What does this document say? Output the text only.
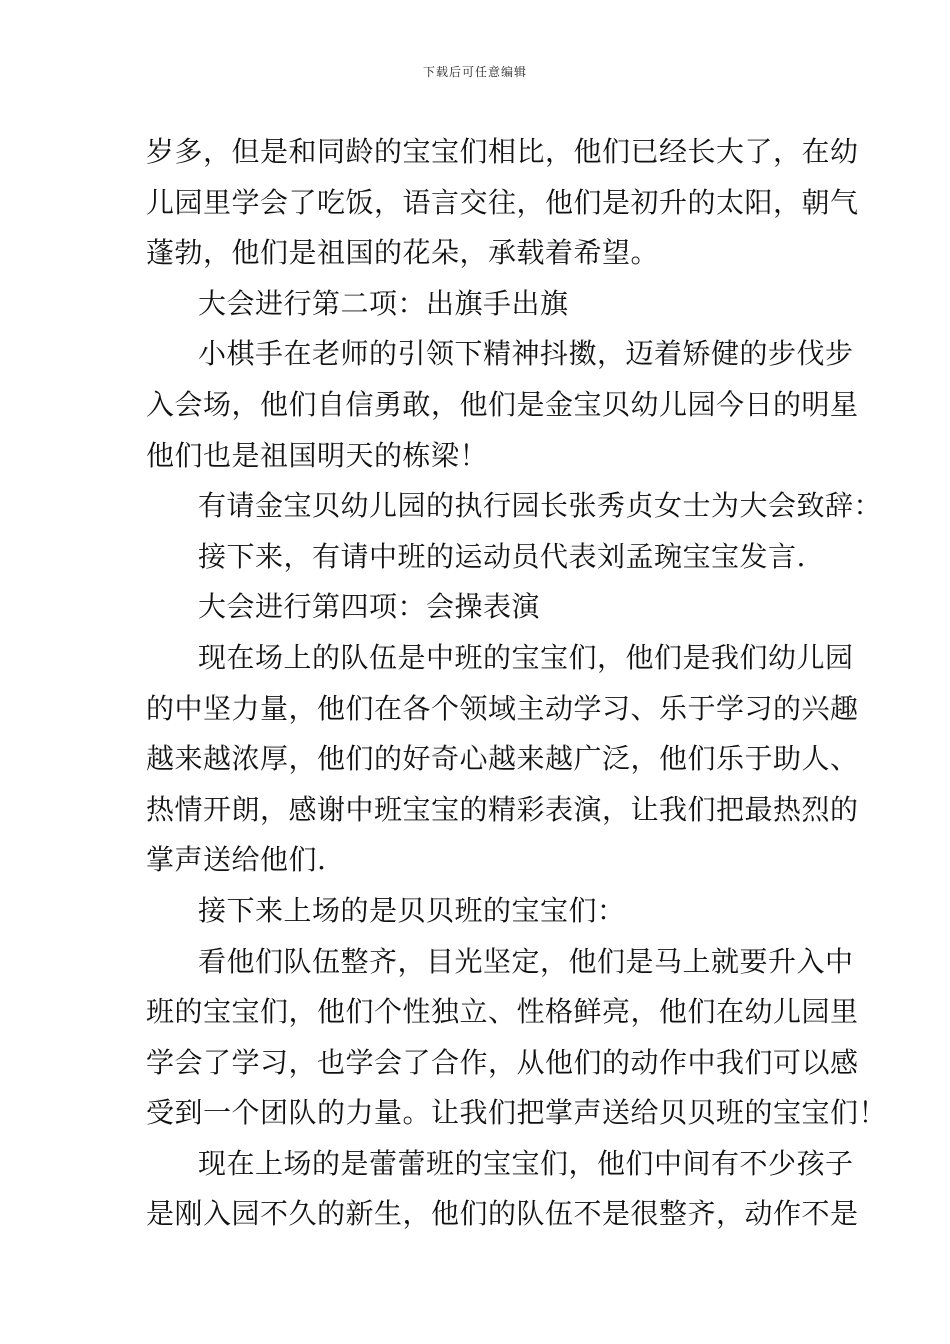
下载后可任意编辑
岁多，但是和同龄的宝宝们相比，他们已经长大了，在幼
儿园里学会了吃饭，语言交往，他们是初升的太阳，朝气
蓬勃，他们是祖国的花朵，承载着希望。
大会进行第二项：出旗手出旗
小棋手在老师的引领下精神抖擞，迈着矫健的步伐步
入会场，他们自信勇敢，他们是金宝贝幼儿园今日的明星
他们也是祖国明天的栋梁！
有请金宝贝幼儿园的执行园长张秀贞女士为大会致辞：
接下来，有请中班的运动员代表刘孟琬宝宝发言.
大会进行第四项：会操表演
现在场上的队伍是中班的宝宝们，他们是我们幼儿园
的中坚力量，他们在各个领域主动学习、乐于学习的兴趣
越来越浓厚，他们的好奇心越来越广泛，他们乐于助人、
热情开朗，感谢中班宝宝的精彩表演，让我们把最热烈的
掌声送给他们.
接下来上场的是贝贝班的宝宝们：
看他们队伍整齐，目光坚定，他们是马上就要升入中
班的宝宝们，他们个性独立、性格鲜亮，他们在幼儿园里
学会了学习，也学会了合作，从他们的动作中我们可以感
受到一个团队的力量。让我们把掌声送给贝贝班的宝宝们！
现在上场的是蕾蕾班的宝宝们，他们中间有不少孩子
是刚入园不久的新生，他们的队伍不是很整齐，动作不是
